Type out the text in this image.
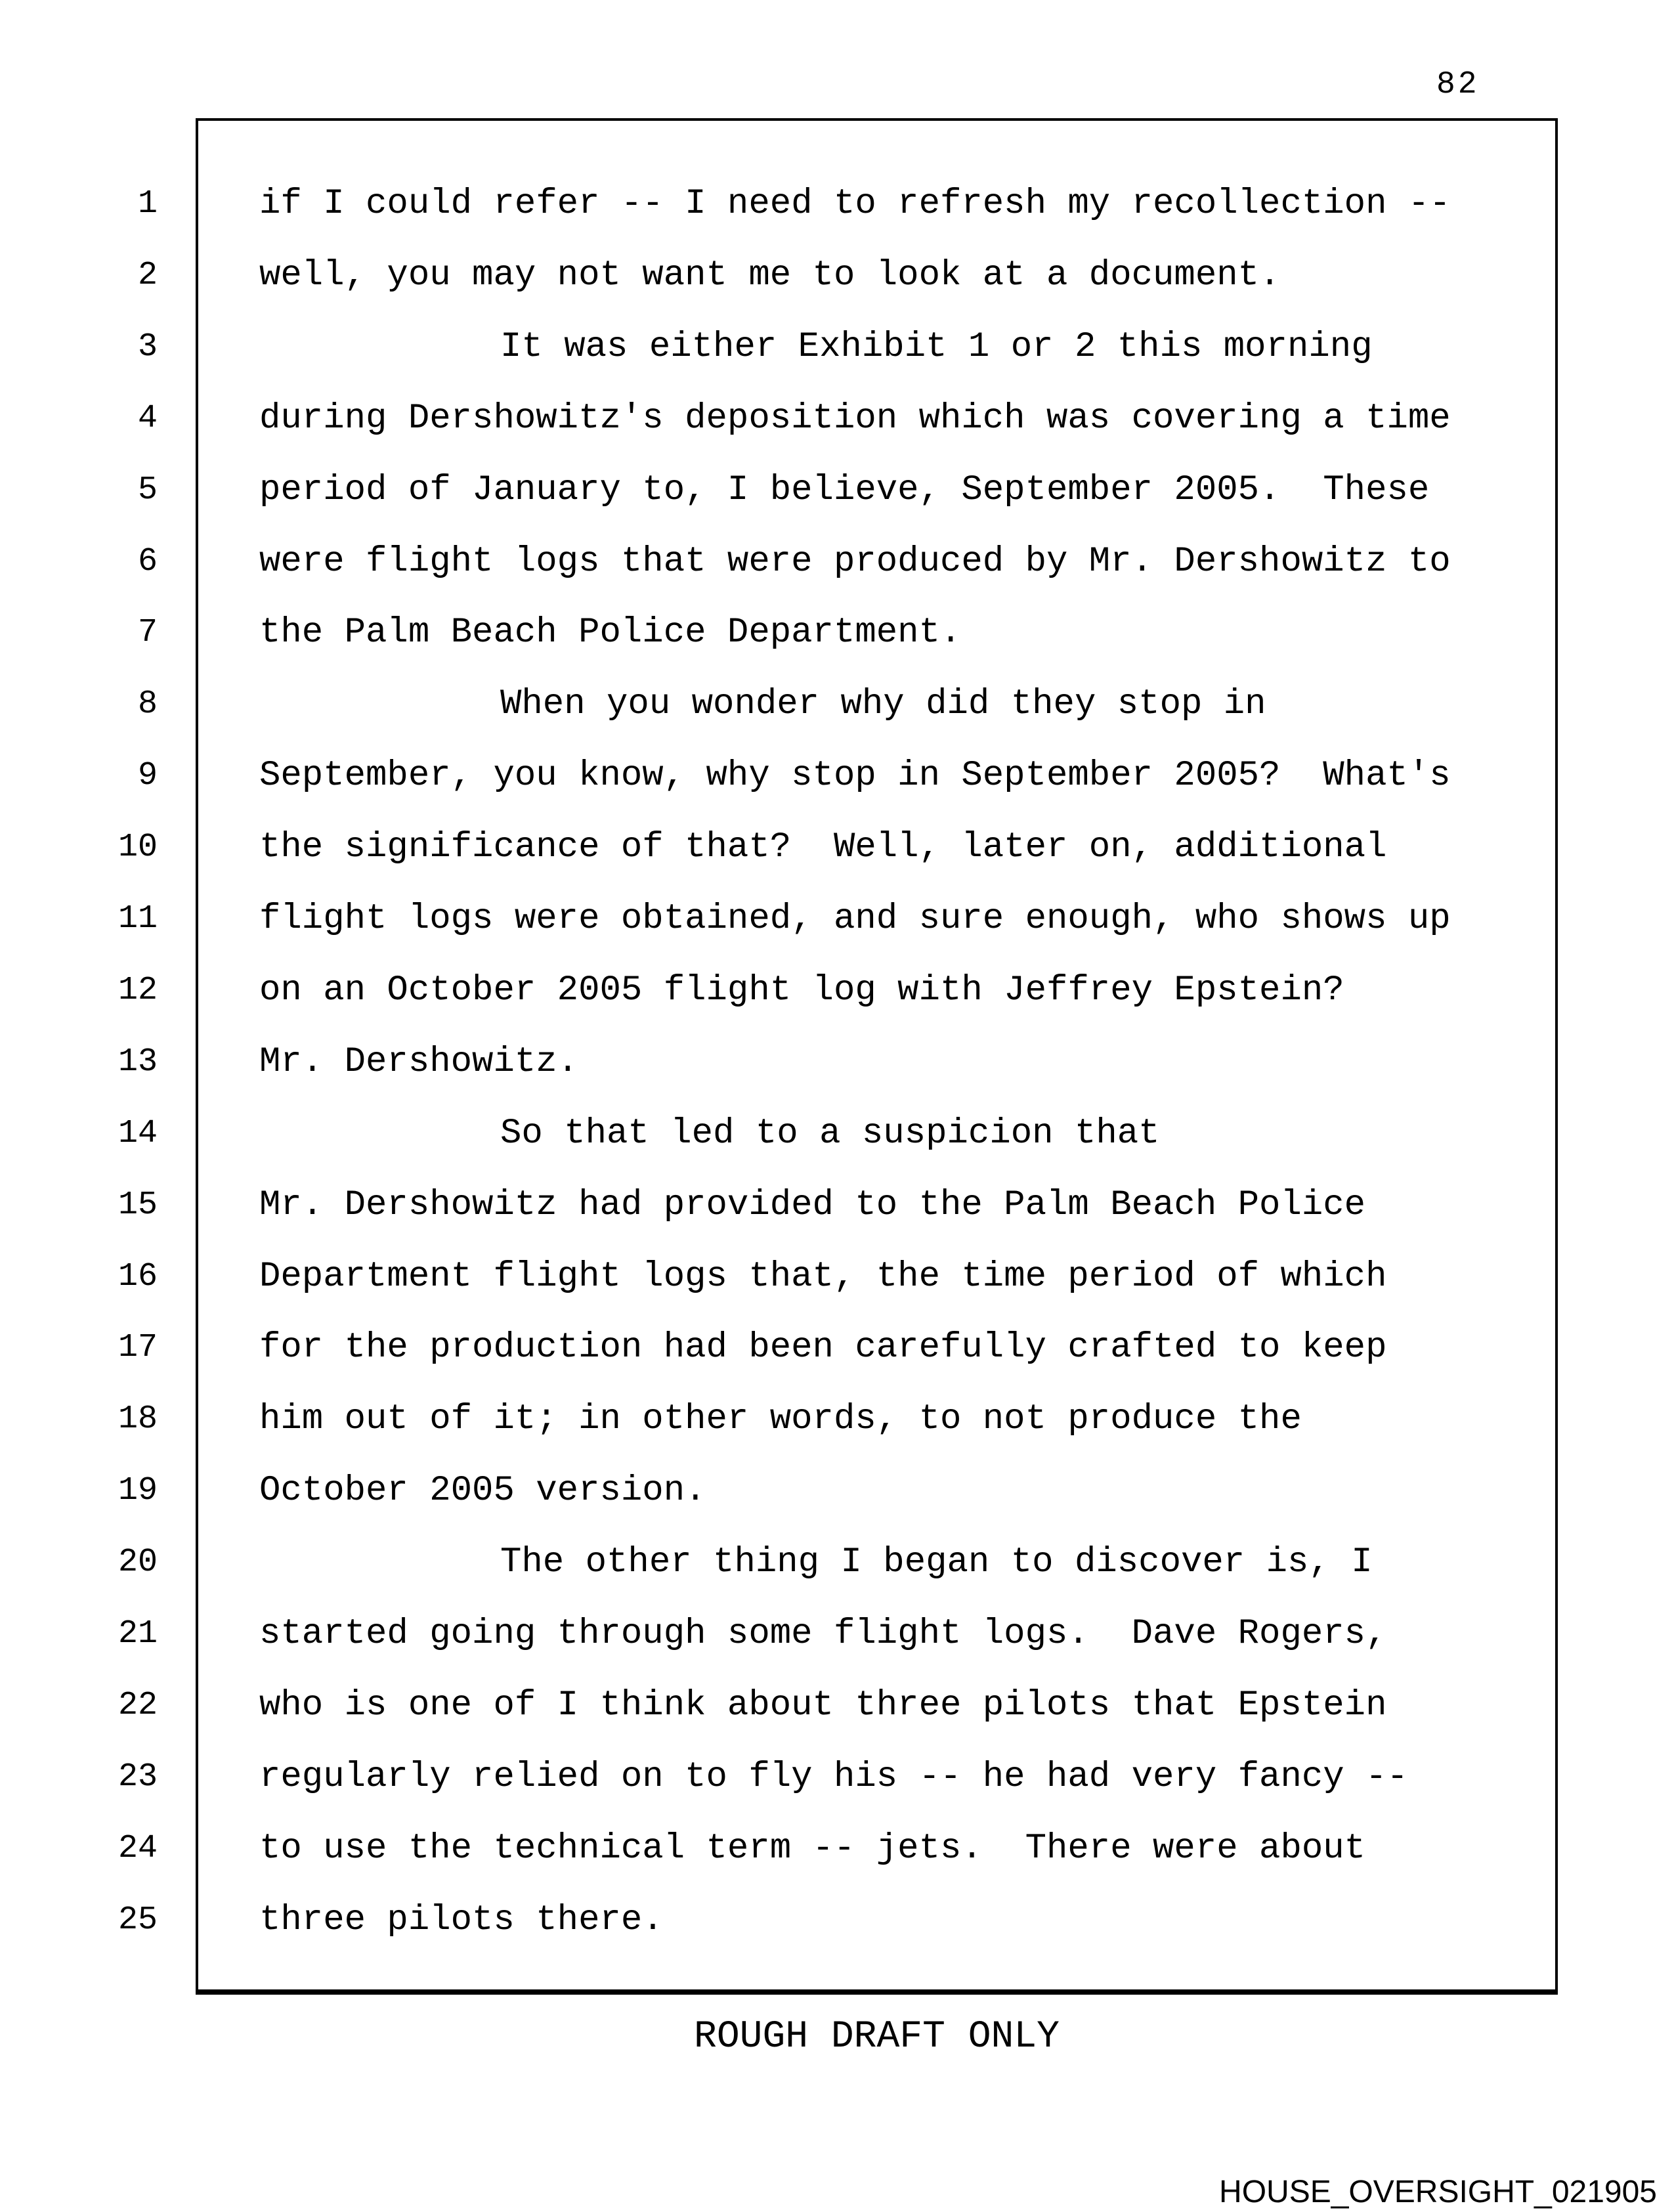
82
1	if I could refer -- I need to refresh my recollection --
2	well, you may not want me to look at a document.
3	It was either Exhibit 1 or 2 this morning
4	during Dershowitz's deposition which was covering a time
5	period of January to, I believe, September 2005.  These
6	were flight logs that were produced by Mr. Dershowitz to
7	the Palm Beach Police Department.
8	When you wonder why did they stop in
9	September, you know, why stop in September 2005?  What's
10	the significance of that?  Well, later on, additional
11	flight logs were obtained, and sure enough, who shows up
12	on an October 2005 flight log with Jeffrey Epstein?
13	Mr. Dershowitz.
14	So that led to a suspicion that
15	Mr. Dershowitz had provided to the Palm Beach Police
16	Department flight logs that, the time period of which
17	for the production had been carefully crafted to keep
18	him out of it; in other words, to not produce the
19	October 2005 version.
20	The other thing I began to discover is, I
21	started going through some flight logs.  Dave Rogers,
22	who is one of I think about three pilots that Epstein
23	regularly relied on to fly his -- he had very fancy --
24	to use the technical term -- jets.  There were about
25	three pilots there.
ROUGH DRAFT ONLY
HOUSE_OVERSIGHT_021905
